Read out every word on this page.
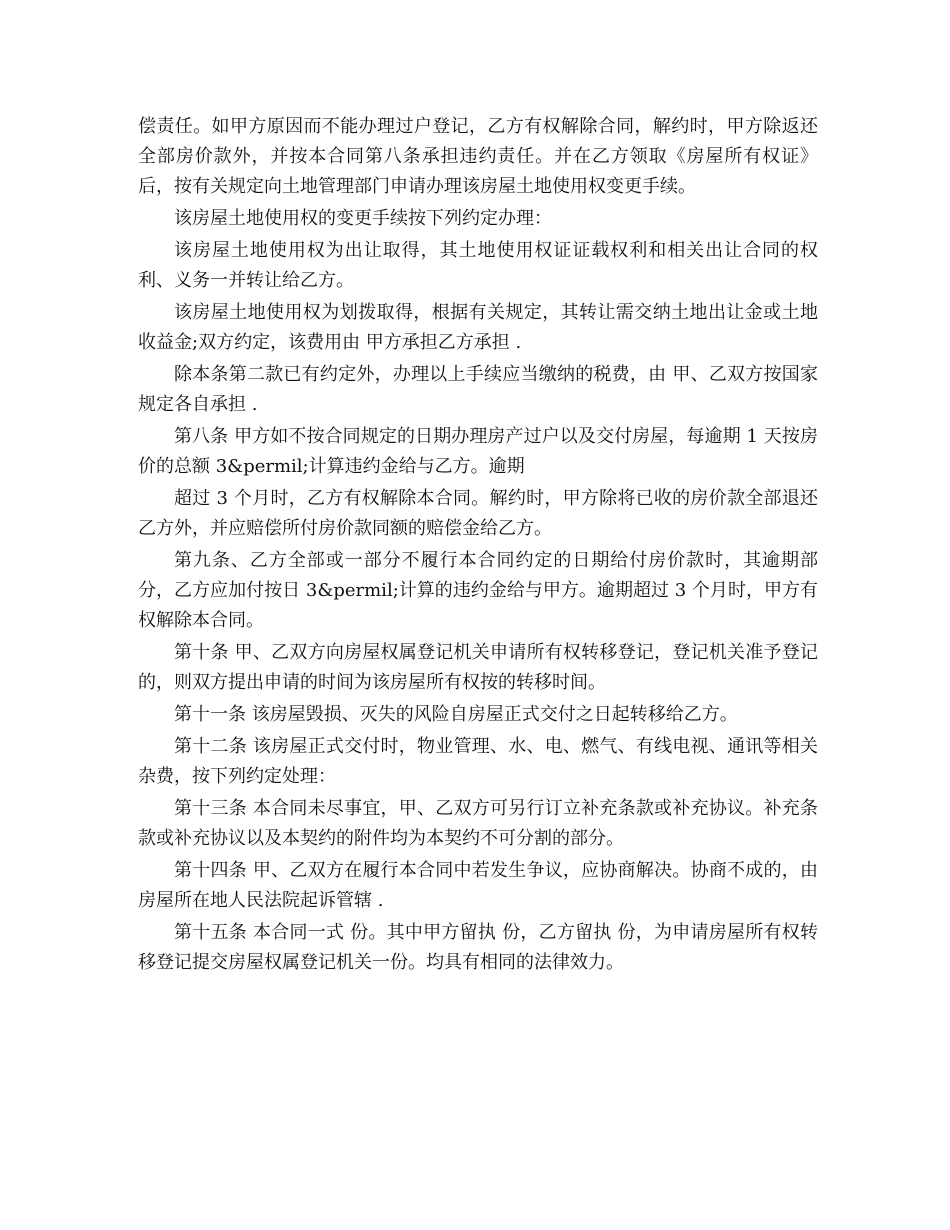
偿责任。如甲方原因而不能办理过户登记，乙方有权解除合同，解约时，甲方除返还全部房价款外，并按本合同第八条承担违约责任。并在乙方领取《房屋所有权证》后，按有关规定向土地管理部门申请办理该房屋土地使用权变更手续。

该房屋土地使用权的变更手续按下列约定办理：

该房屋土地使用权为出让取得，其土地使用权证证载权利和相关出让合同的权利、义务一并转让给乙方。

该房屋土地使用权为划拨取得，根据有关规定，其转让需交纳土地出让金或土地收益金;双方约定，该费用由 甲方承担乙方承担 .

除本条第二款已有约定外，办理以上手续应当缴纳的税费，由 甲、乙双方按国家规定各自承担 .

第八条 甲方如不按合同规定的日期办理房产过户以及交付房屋，每逾期 1 天按房价的总额 3&permil;计算违约金给与乙方。逾期

超过 3 个月时，乙方有权解除本合同。解约时，甲方除将已收的房价款全部退还乙方外，并应赔偿所付房价款同额的赔偿金给乙方。

第九条、乙方全部或一部分不履行本合同约定的日期给付房价款时，其逾期部分，乙方应加付按日 3&permil;计算的违约金给与甲方。逾期超过 3 个月时，甲方有权解除本合同。

第十条 甲、乙双方向房屋权属登记机关申请所有权转移登记，登记机关准予登记的，则双方提出申请的时间为该房屋所有权按的转移时间。

第十一条 该房屋毁损、灭失的风险自房屋正式交付之日起转移给乙方。

第十二条 该房屋正式交付时，物业管理、水、电、燃气、有线电视、通讯等相关杂费，按下列约定处理：

第十三条 本合同未尽事宜，甲、乙双方可另行订立补充条款或补充协议。补充条款或补充协议以及本契约的附件均为本契约不可分割的部分。

第十四条 甲、乙双方在履行本合同中若发生争议，应协商解决。协商不成的，由房屋所在地人民法院起诉管辖 .

第十五条 本合同一式 份。其中甲方留执 份，乙方留执 份，为申请房屋所有权转移登记提交房屋权属登记机关一份。均具有相同的法律效力。
